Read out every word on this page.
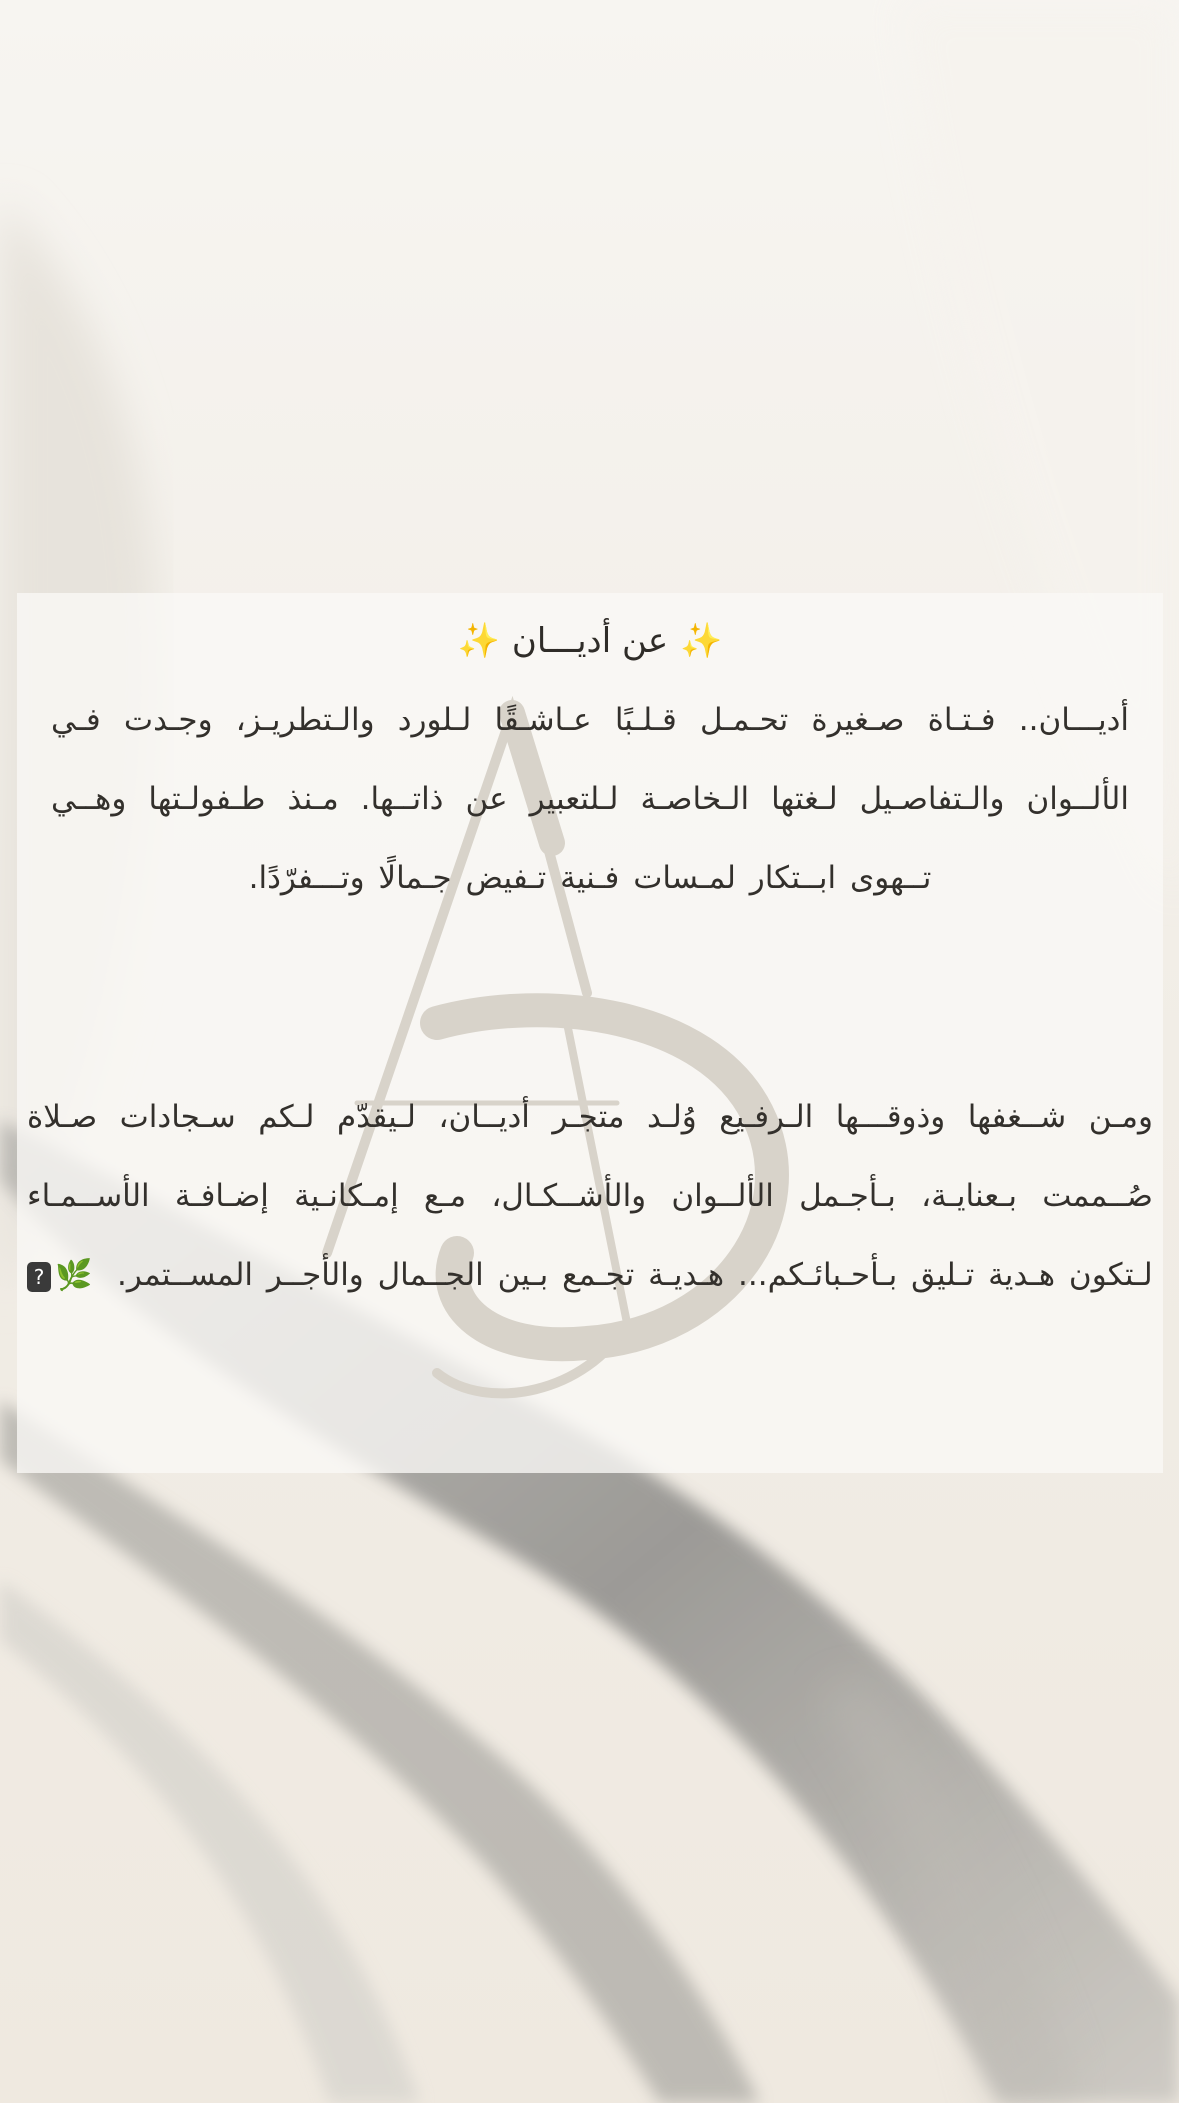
✨عن أديـــان✨
أديـــان.. فـتـاة صـغيرة تحـمـل قـلـبًا عـاشـقًا لـلورد والـتطريـز، وجـدت فـي الألــوان والـتفاصـيل لـغتها الـخاصـة لـلتعبير عن ذاتــها. مـنذ طـفولـتها وهــي تــهوى ابــتكار لمـسات فـنية تـفيض جـمالًا وتـــفرّدًا.
ومـن شــغفها وذوقـــها الـرفـيع وُلـد متجـر أديــان، لـيقدّم لـكم سـجادات صـلاة صُــممت بـعنايـة، بـأجـمل الألــوان والأشــكـال، مـع إمـكانـية إضـافـة الأســمـاء لـتكون هـدية تـليق بـأحـبائـكم... هـديـة تجـمع بـين الجــمال والأجــر المســتمر. 🌿?
